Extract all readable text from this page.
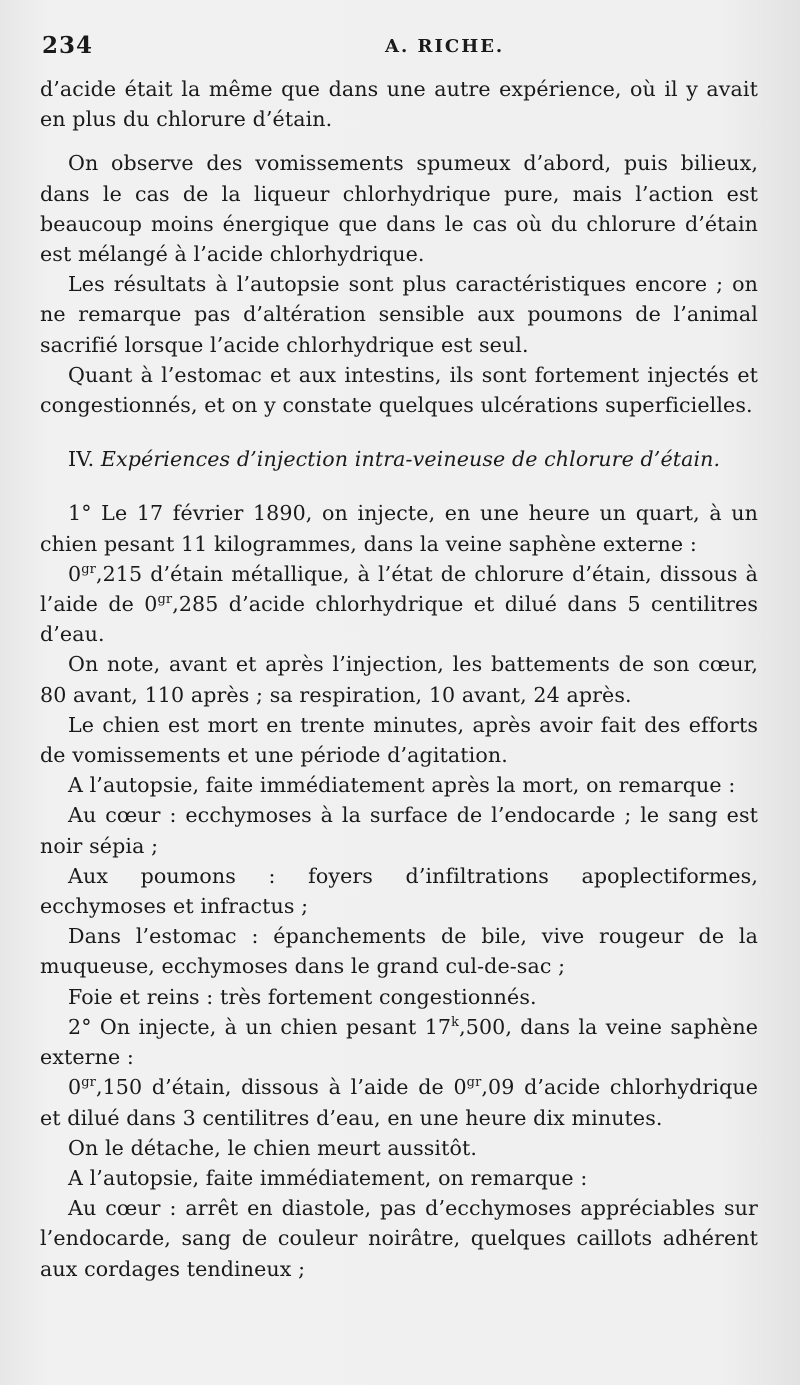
234	A. RICHE.

d’acide était la même que dans une autre expérience, où il y avait en plus du chlorure d’étain.

On observe des vomissements spumeux d’abord, puis bilieux, dans le cas de la liqueur chlorhydrique pure, mais l’action est beaucoup moins énergique que dans le cas où du chlorure d’étain est mélangé à l’acide chlorhydrique.

Les résultats à l’autopsie sont plus caractéristiques encore ; on ne remarque pas d’altération sensible aux poumons de l’animal sacrifié lorsque l’acide chlorhydrique est seul.

Quant à l’estomac et aux intestins, ils sont fortement injectés et congestionnés, et on y constate quelques ulcérations superficielles.

IV. Expériences d’injection intra-veineuse de chlorure d’étain.

1° Le 17 février 1890, on injecte, en une heure un quart, à un chien pesant 11 kilogrammes, dans la veine saphène externe :

$0^{gr},215$ d’étain métallique, à l’état de chlorure d’étain, dissous à l’aide de $0^{gr},285$ d’acide chlorhydrique et dilué dans 5 centilitres d’eau.

On note, avant et après l’injection, les battements de son cœur, 80 avant, 110 après ; sa respiration, 10 avant, 24 après.

Le chien est mort en trente minutes, après avoir fait des efforts de vomissements et une période d’agitation.

A l’autopsie, faite immédiatement après la mort, on remarque :

Au cœur : ecchymoses à la surface de l’endocarde ; le sang est noir sépia ;

Aux poumons : foyers d’infiltrations apoplectiformes, ecchymoses et infractus ;

Dans l’estomac : épanchements de bile, vive rougeur de la muqueuse, ecchymoses dans le grand cul-de-sac ;

Foie et reins : très fortement congestionnés.

2° On injecte, à un chien pesant 17$^k$,500, dans la veine saphène externe :

$0^{gr},150$ d’étain, dissous à l’aide de $0^{gr},09$ d’acide chlorhydrique et dilué dans 3 centilitres d’eau, en une heure dix minutes.

On le détache, le chien meurt aussitôt.

A l’autopsie, faite immédiatement, on remarque :

Au cœur : arrêt en diastole, pas d’ecchymoses appréciables sur l’endocarde, sang de couleur noirâtre, quelques caillots adhérent aux cordages tendineux ;
